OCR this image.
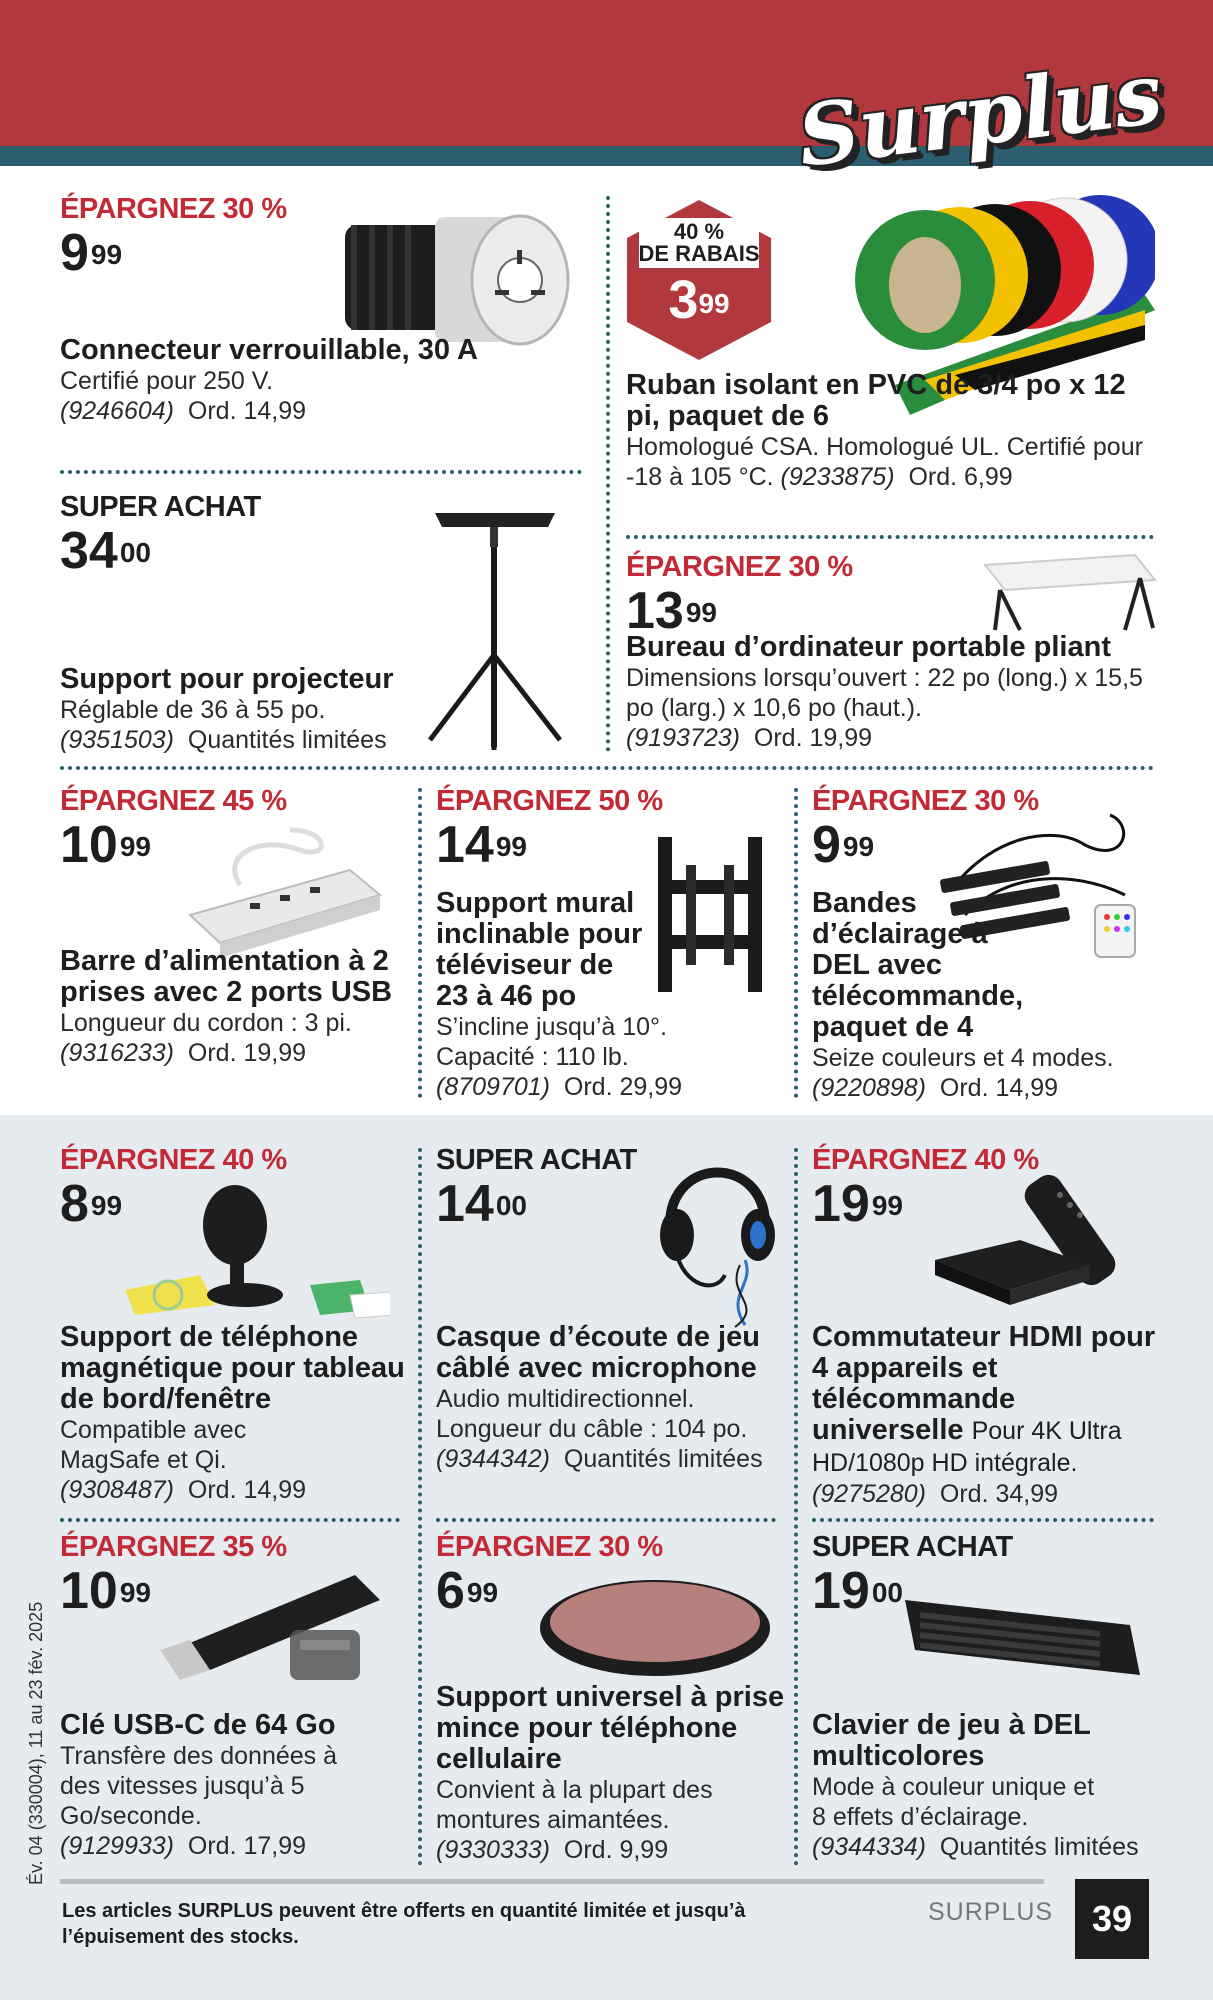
Surplus
ÉPARGNEZ 30 %
$9^{99}$
Connecteur verrouillable, 30 A
Certifié pour 250 V.
(9246604) Ord. 14,99
40 %
DE RABAIS
$3^{99}$
Ruban isolant en PVC de 3/4 po x 12 pi, paquet de 6
Homologué CSA. Homologué UL. Certifié pour -18 à 105 °C. (9233875) Ord. 6,99
SUPER ACHAT
$34^{00}$
Support pour projecteur
Réglable de 36 à 55 po.
(9351503) Quantités limitées
ÉPARGNEZ 30 %
$13^{99}$
Bureau d’ordinateur portable pliant
Dimensions lorsqu’ouvert : 22 po (long.) x 15,5 po (larg.) x 10,6 po (haut.).
(9193723) Ord. 19,99
ÉPARGNEZ 45 %
$10^{99}$
Barre d’alimentation à 2 prises avec 2 ports USB
Longueur du cordon : 3 pi.
(9316233) Ord. 19,99
ÉPARGNEZ 50 %
$14^{99}$
Support mural inclinable pour téléviseur de 23 à 46 po
S’incline jusqu’à 10°. Capacité : 110 lb.
(8709701) Ord. 29,99
ÉPARGNEZ 30 %
$9^{99}$
Bandes d’éclairage à DEL avec télécommande, paquet de 4
Seize couleurs et 4 modes.
(9220898) Ord. 14,99
ÉPARGNEZ 40 %
$8^{99}$
Support de téléphone magnétique pour tableau de bord/fenêtre
Compatible avec MagSafe et Qi.
(9308487) Ord. 14,99
SUPER ACHAT
$14^{00}$
Casque d’écoute de jeu câblé avec microphone
Audio multidirectionnel. Longueur du câble : 104 po.
(9344342) Quantités limitées
ÉPARGNEZ 40 %
$19^{99}$
Commutateur HDMI pour 4 appareils et télécommande universelle Pour 4K Ultra HD/1080p HD intégrale.
(9275280) Ord. 34,99
ÉPARGNEZ 35 %
$10^{99}$
Clé USB-C de 64 Go
Transfère des données à des vitesses jusqu’à 5 Go/seconde.
(9129933) Ord. 17,99
ÉPARGNEZ 30 %
$6^{99}$
Support universel à prise mince pour téléphone cellulaire
Convient à la plupart des montures aimantées.
(9330333) Ord. 9,99
SUPER ACHAT
$19^{00}$
Clavier de jeu à DEL multicolores
Mode à couleur unique et 8 effets d’éclairage.
(9344334) Quantités limitées
Év. 04 (330004), 11 au 23 fév. 2025
Les articles SURPLUS peuvent être offerts en quantité limitée et jusqu’à l’épuisement des stocks.
SURPLUS	39
